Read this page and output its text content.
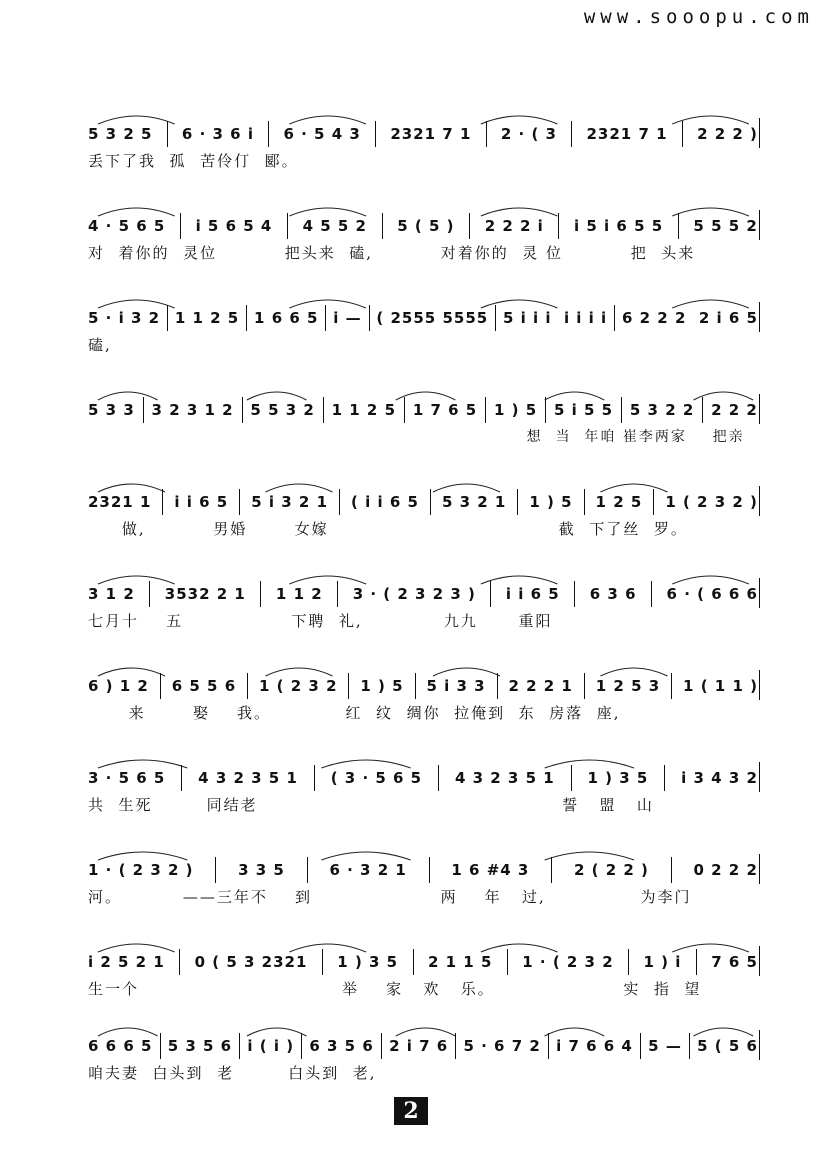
www.sooopu.com
5 3 2 5 6 · 3 6 i 6 · 5 4 3 2321 7 1 2 · ( 3 2321 7 1 2 2 2 )
丢下了我  孤  苦伶仃  郾。
4 · 5 6 5 i 5 6 5 4 4 5 5 2 5 ( 5 ) 2 2 2 i i 5 i 6 5 5 5 5 5 2
对  着你的  灵位          把头来  磕,          对着你的  灵 位          把  头来
5 · i 3 2 1 1 2 5 1 6 6 5 i — ( 2555 5555 5 i i i  i i i i 6 2 2 2  2 i 6 5
磕,
5 3 3 3 2 3 1 2 5 5 3 2 1 1 2 5 1 7 6 5 1 ) 5 5 i 5 5 5 3 2 2 2 2 2
想  当  年咱 崔李两家    把亲
2321 1 i i 6 5 5 i 3 2 1 ( i i 6 5 5 3 2 1 1 ) 5 1 2 5 1 ( 2 3 2 )
做,          男婚       女嫁                                  截  下了丝  罗。
3 1 2 3532 2 1 1 1 2 3 · ( 2 3 2 3 ) i i 6 5 6 3 6 6 · ( 6 6 6
七月十    五                下聘  礼,            九九      重阳
6 ) 1 2 6 5 5 6 1 ( 2 3 2 1 ) 5 5 i 3 3 2 2 2 1 1 2 5 3 1 ( 1 1 )
来       娶    我。           红  纹  绸你  拉俺到  东  房落  座,
3 · 5 6 5 4 3 2 3 5 1 ( 3 · 5 6 5 4 3 2 3 5 1 1 ) 3 5 i 3 4 3 2
共  生死        同结老                                             誓   盟   山
1 · ( 2 3 2 )	3 3 5	6 · 3 2 1	1 6 #4 3	2 ( 2 2 )	0 2 2 2
河。         ——三年不    到                   两    年   过,              为李门
i 2 5 2 1 0 ( 5 3 2321 1 ) 3 5 2 1 1 5 1 · ( 2 3 2 1 ) i 7 6 5
生一个                              举    家   欢   乐。                   实  指  望
6 6 6 5 5 3 5 6 i ( i ) 6 3 5 6 2 i 7 6 5 · 6 7 2 i 7 6 6 4 5 — 5 ( 5 6
咱夫妻  白头到  老        白头到  老,
2
